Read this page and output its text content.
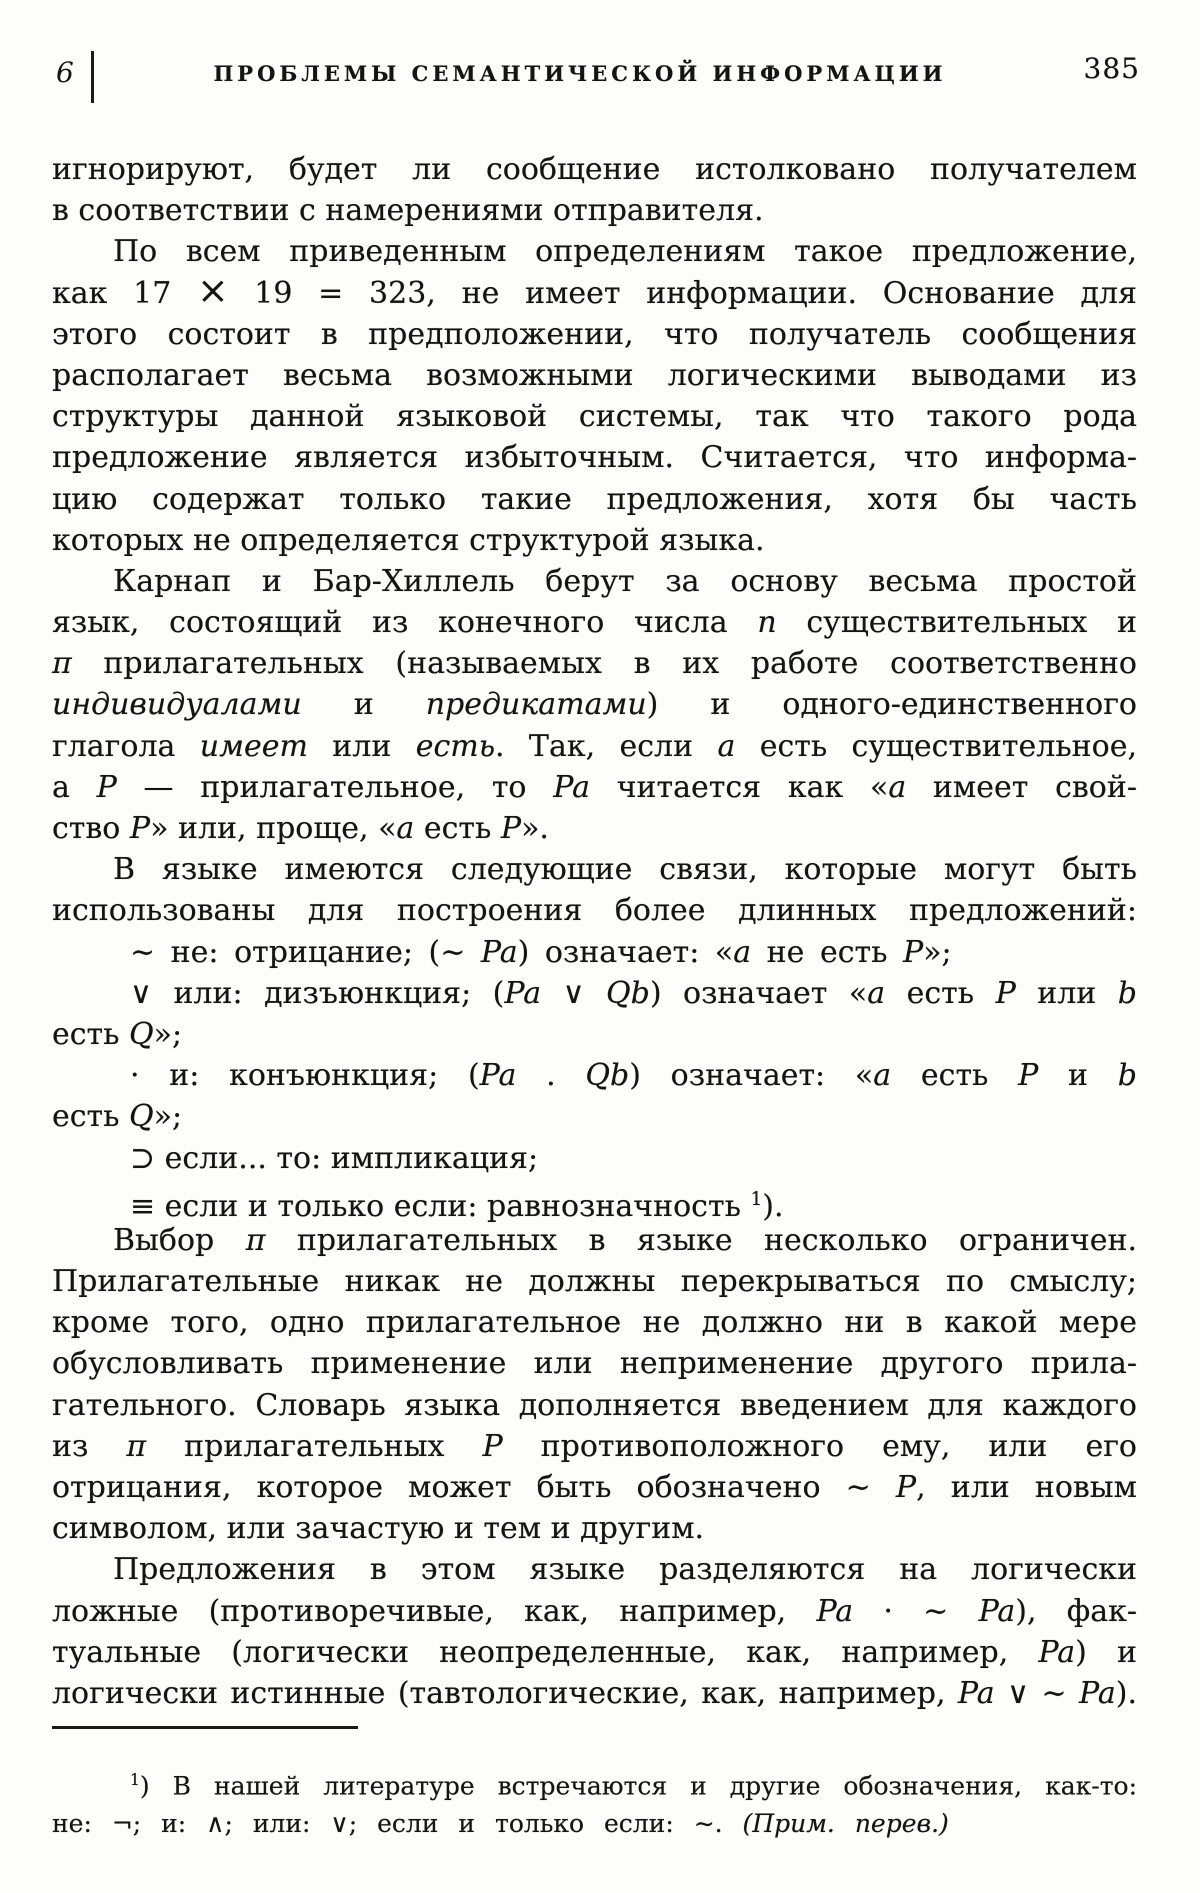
6	ПРОБЛЕМЫ СЕМАНТИЧЕСКОЙ ИНФОРМАЦИИ	385
игнорируют, будет ли сообщение истолковано получателем
в соответствии с намерениями отправителя.
По всем приведенным определениям такое предложение,
как 17 × 19 = 323, не имеет информации. Основание для
этого состоит в предположении, что получатель сообщения
располагает весьма возможными логическими выводами из
структуры данной языковой системы, так что такого рода
предложение является избыточным. Считается, что информа-
цию содержат только такие предложения, хотя бы часть
которых не определяется структурой языка.
Карнап и Бар-Хиллель берут за основу весьма простой
язык, состоящий из конечного числа n существительных и
π прилагательных (называемых в их работе соответственно
индивидуалами и предикатами) и одного-единственного
глагола имеет или есть. Так, если a есть существительное,
а P — прилагательное, то Pa читается как «a имеет свой-
ство P» или, проще, «a есть P».
В языке имеются следующие связи, которые могут быть
использованы для построения более длинных предложений:
∼ не: отрицание; (∼ Pa) означает: «a не есть P»;
∨ или: дизъюнкция; (Pa ∨ Qb) означает «a есть P или b
есть Q»;
· и: конъюнкция; (Pa . Qb) означает: «a есть P и b
есть Q»;
⊃ если... то: импликация;
≡ если и только если: равнозначность $^1$).
Выбор π прилагательных в языке несколько ограничен.
Прилагательные никак не должны перекрываться по смыслу;
кроме того, одно прилагательное не должно ни в какой мере
обусловливать применение или неприменение другого прила-
гательного. Словарь языка дополняется введением для каждого
из π прилагательных P противоположного ему, или его
отрицания, которое может быть обозначено ∼ P, или новым
символом, или зачастую и тем и другим.
Предложения в этом языке разделяются на логически
ложные (противоречивые, как, например, Pa · ∼ Pa), фак-
туальные (логически неопределенные, как, например, Pa) и
логически истинные (тавтологические, как, например, Pa ∨ ∼ Pa).
$^1$) В нашей литературе встречаются и другие обозначения, как-то:
не: ¬; и: ∧; или: ∨; если и только если: ∼. (Прим. перев.)
